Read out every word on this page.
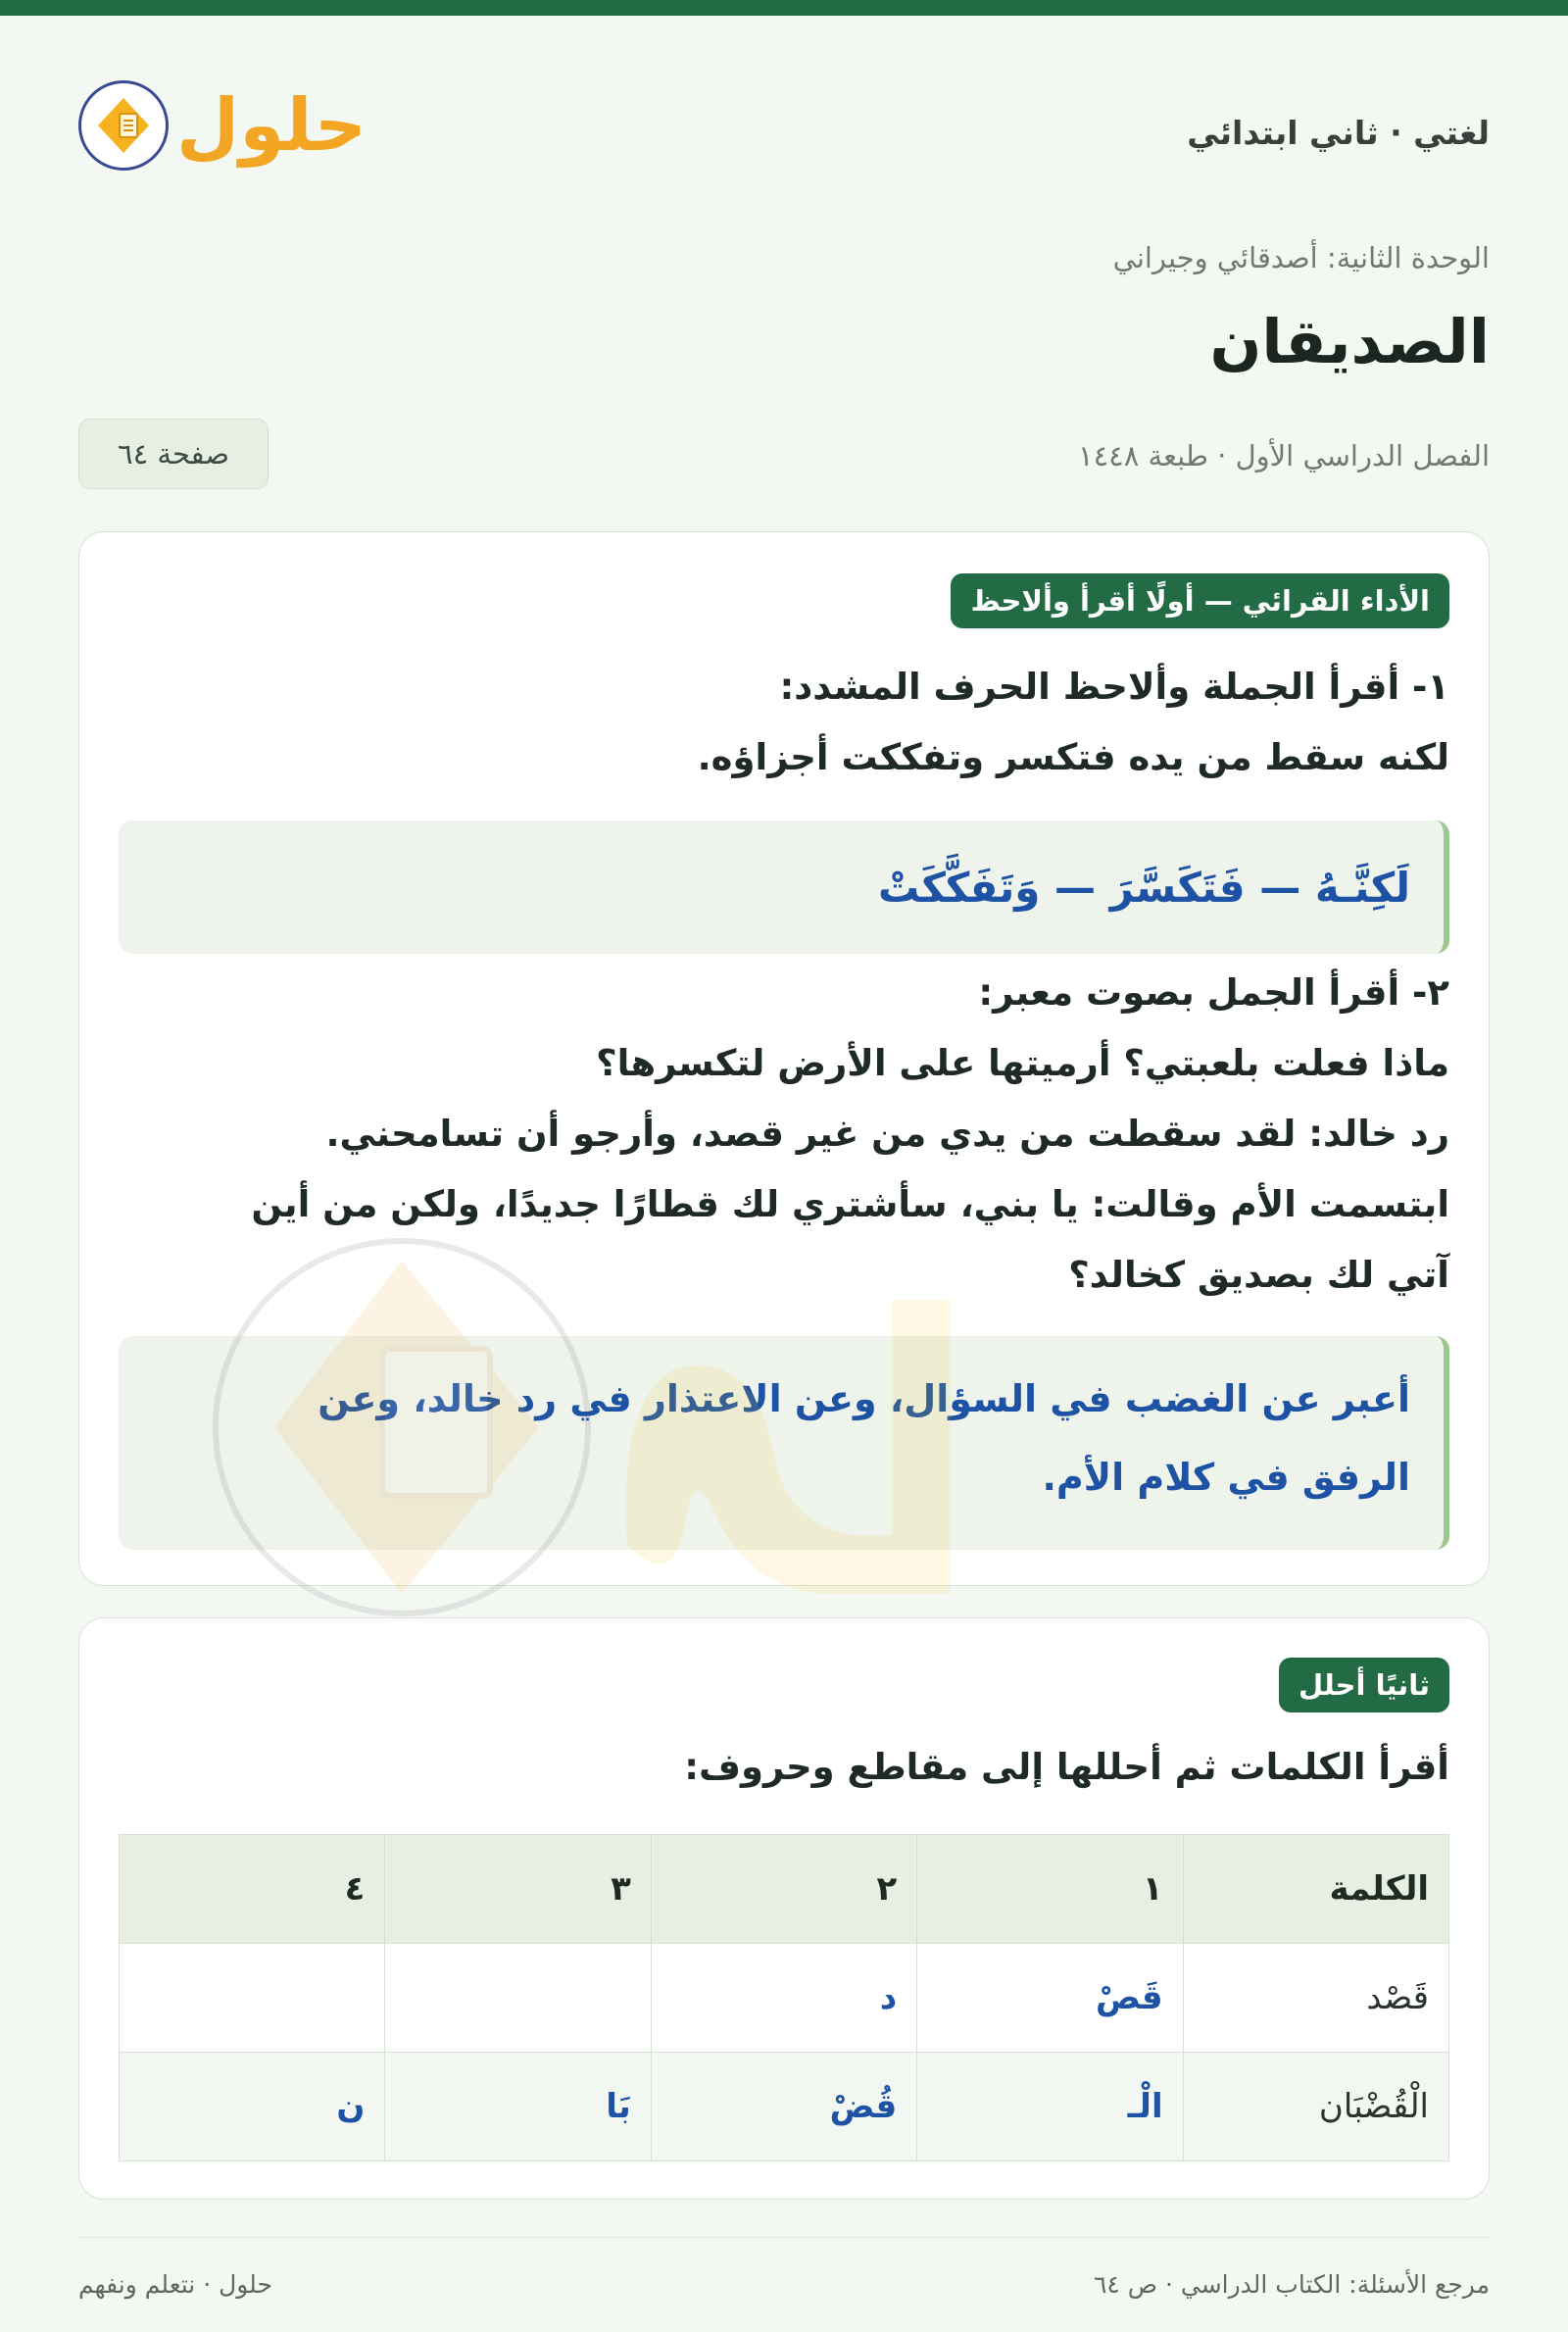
حلول	لغتي · ثاني ابتدائي
الوحدة الثانية: أصدقائي وجيراني
الصديقان
الفصل الدراسي الأول · طبعة ١٤٤٨
صفحة ٦٤
الأداء القرائي — أولًا أقرأ وألاحظ
١- أقرأ الجملة وألاحظ الحرف المشدد:
لكنه سقط من يده فتكسر وتفككت أجزاؤه.
لَكِنَّـهُ — فَتَكَسَّرَ — وَتَفَكَّكَتْ
٢- أقرأ الجمل بصوت معبر:
ماذا فعلت بلعبتي؟ أرميتها على الأرض لتكسرها؟
رد خالد: لقد سقطت من يدي من غير قصد، وأرجو أن تسامحني.
ابتسمت الأم وقالت: يا بني، سأشتري لك قطارًا جديدًا، ولكن من أين
آتي لك بصديق كخالد؟
أعبر عن الغضب في السؤال، وعن الاعتذار في رد خالد، وعن
الرفق في كلام الأم.
ثانيًا أحلل
أقرأ الكلمات ثم أحللها إلى مقاطع وحروف:
الكلمة	١	٢	٣	٤
قَصْد	قَصْ	د		
الْقُضْبَان	الْـ	قُضْ	بَا	ن
مرجع الأسئلة: الكتاب الدراسي · ص ٦٤
حلول · نتعلم ونفهم
